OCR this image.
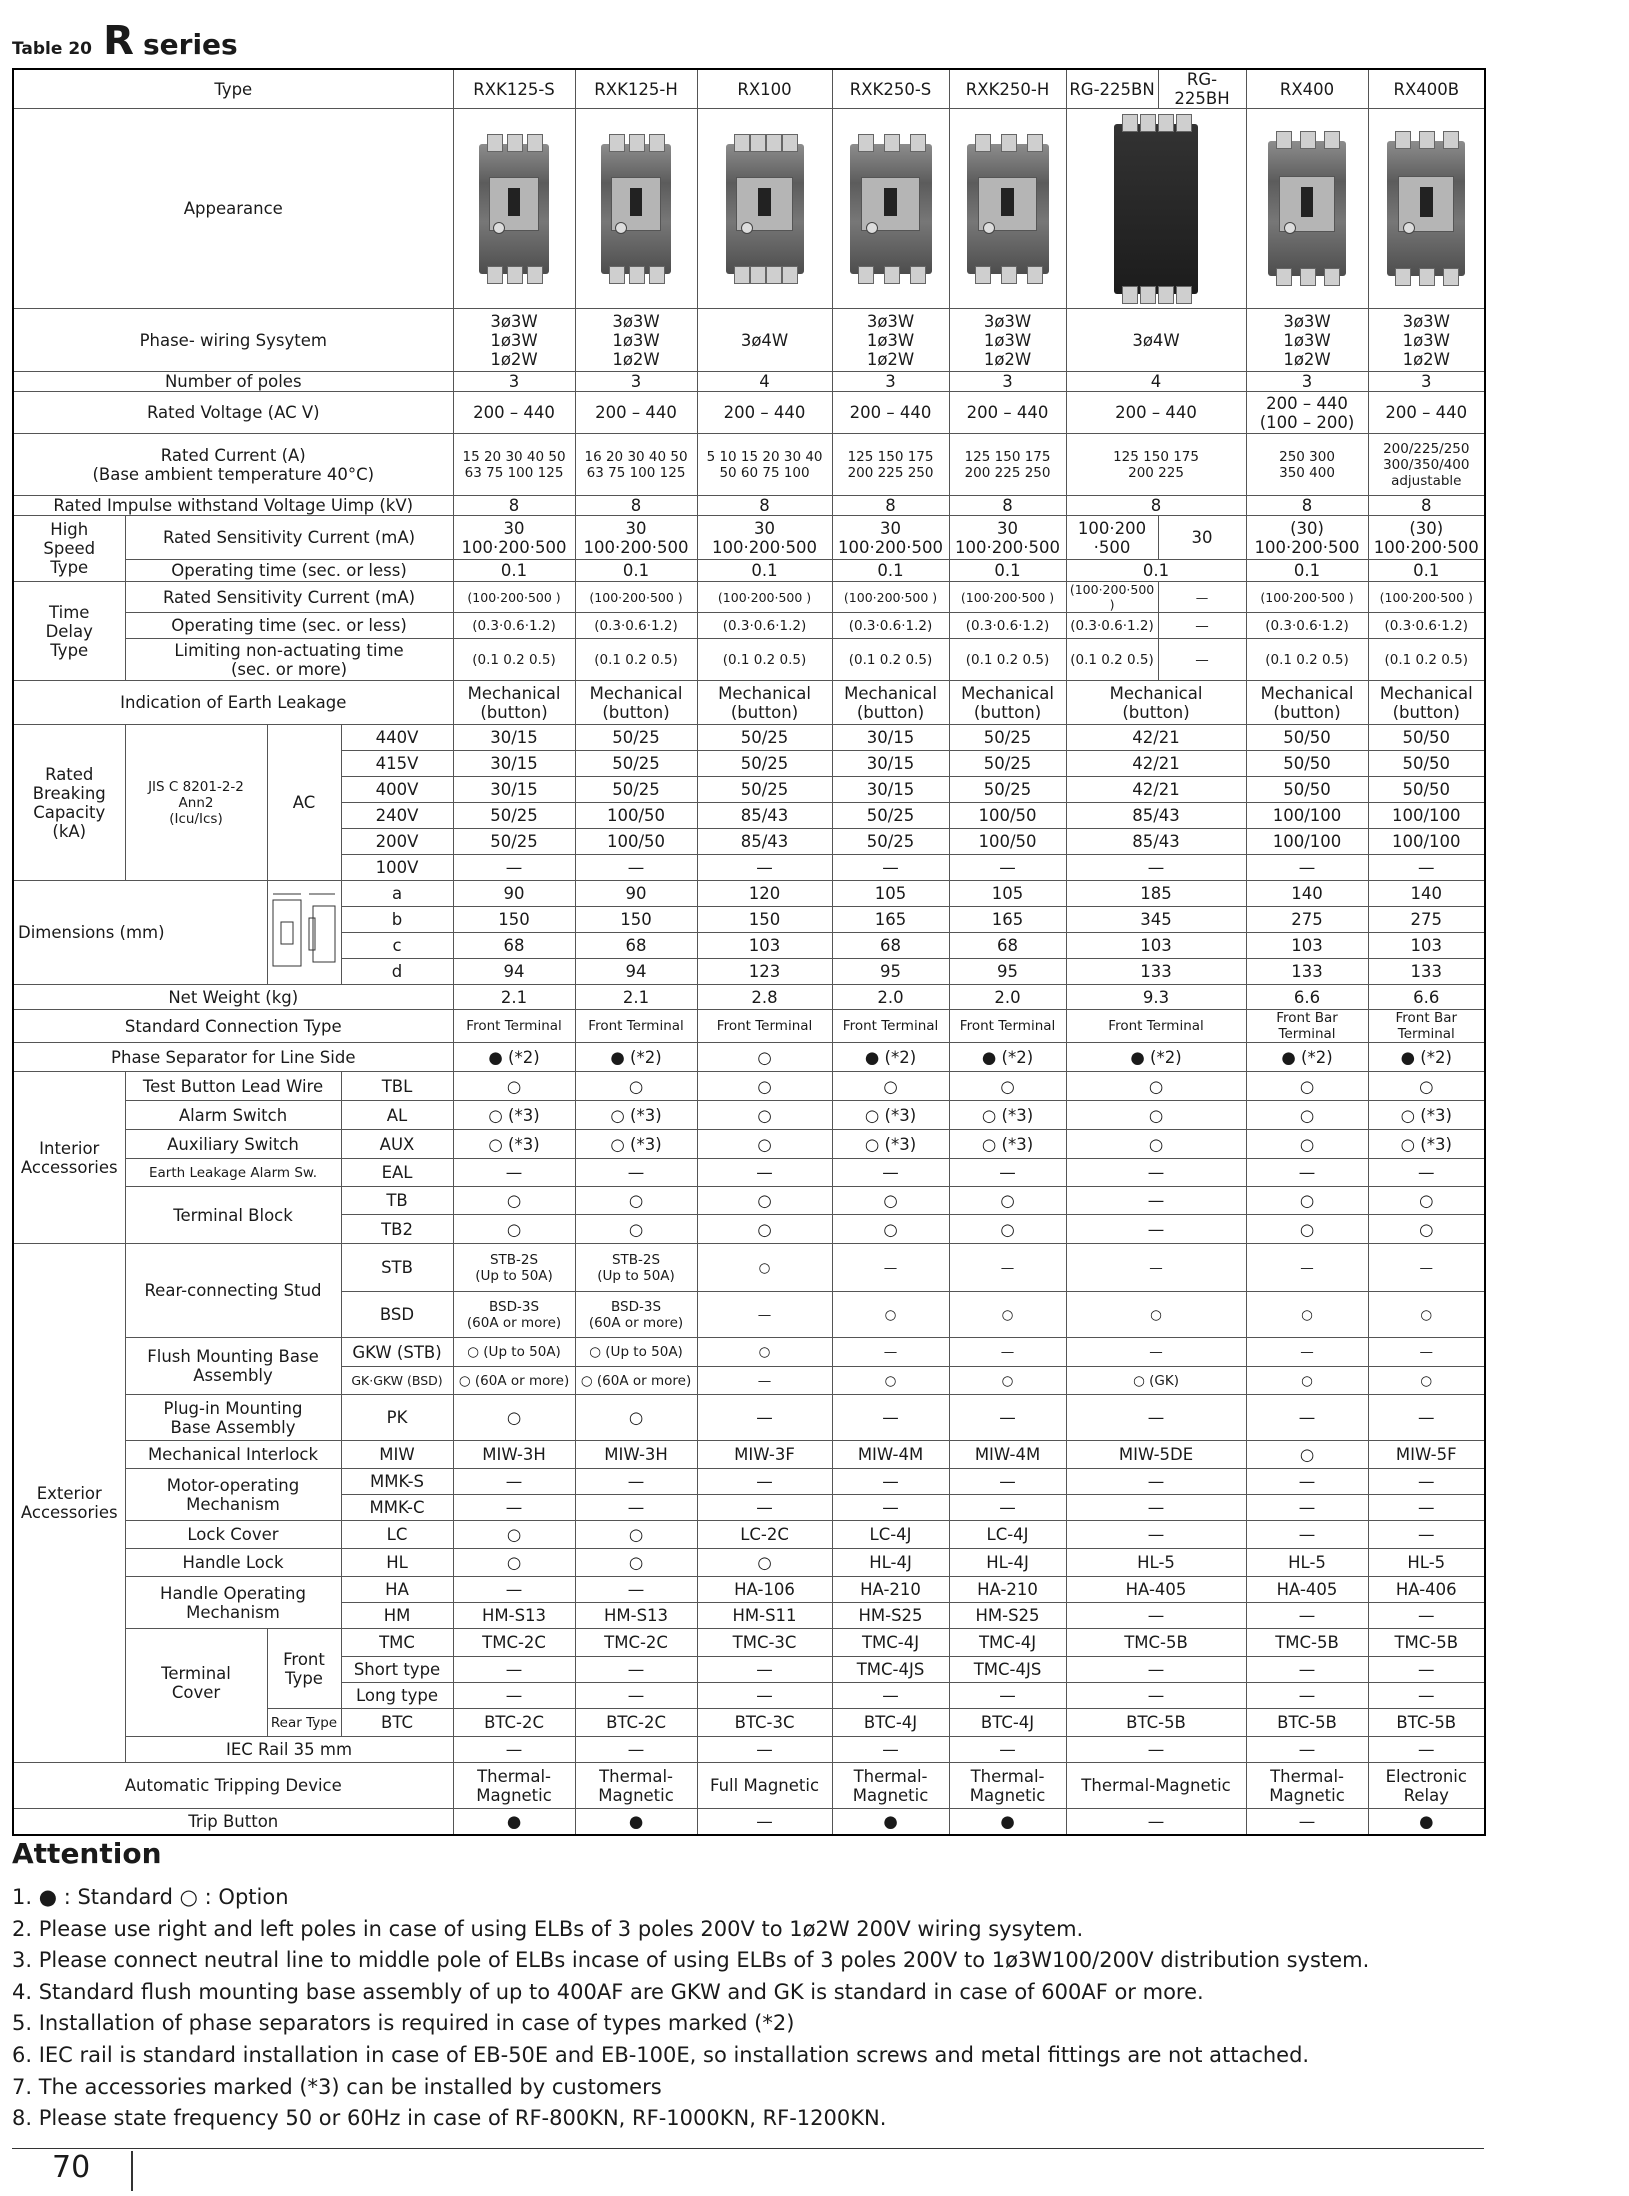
Table 20 R series
Type				RXK125-S	RXK125-H	RX100	RXK250-S	RXK250-H	RG-225BN	RG-225BH	RX400	RX400B
Appearance					

Phase- wiring Sysytem				3ø3W
1ø3W
1ø2W	3ø3W
1ø3W
1ø2W	3ø4W	3ø3W
1ø3W
1ø2W	3ø3W
1ø3W
1ø2W	3ø4W		3ø3W
1ø3W
1ø2W	3ø3W
1ø3W
1ø2W
Number of poles				3	3	4	3	3	4		3	3
Rated Voltage (AC V)				200 – 440	200 – 440	200 – 440	200 – 440	200 – 440	200 – 440		200 – 440
(100 – 200)	200 – 440
Rated Current (A)
(Base ambient temperature 40°C)				15 20 30 40 50
63 75 100 125	16 20 30 40 50
63 75 100 125	5 10 15 20 30 40
50 60 75 100	125 150 175
200 225 250	125 150 175
200 225 250	125 150 175
200 225		250 300
350 400	200/225/250
300/350/400
adjustable
Rated Impulse withstand Voltage Uimp (kV)				8	8	8	8	8	8		8	8
High
Speed
Type	Rated Sensitivity Current (mA)			30
100·200·500	30
100·200·500	30
100·200·500	30
100·200·500	30
100·200·500	100·200
·500	30	(30)
100·200·500	(30)
100·200·500
	Operating time (sec. or less)			0.1	0.1	0.1	0.1	0.1	0.1		0.1	0.1
Time
Delay
Type	Rated Sensitivity Current (mA)			(100·200·500 )	(100·200·500 )	(100·200·500 )	(100·200·500 )	(100·200·500 )	(100·200·500 )	—	(100·200·500 )	(100·200·500 )
	Operating time (sec. or less)			(0.3·0.6·1.2)	(0.3·0.6·1.2)	(0.3·0.6·1.2)	(0.3·0.6·1.2)	(0.3·0.6·1.2)	(0.3·0.6·1.2)	—	(0.3·0.6·1.2)	(0.3·0.6·1.2)
	Limiting non-actuating time
(sec. or more)			(0.1 0.2 0.5)	(0.1 0.2 0.5)	(0.1 0.2 0.5)	(0.1 0.2 0.5)	(0.1 0.2 0.5)	(0.1 0.2 0.5)	—	(0.1 0.2 0.5)	(0.1 0.2 0.5)
Indication of Earth Leakage				Mechanical
(button)	Mechanical
(button)	Mechanical
(button)	Mechanical
(button)	Mechanical
(button)	Mechanical
(button)		Mechanical
(button)	Mechanical
(button)
Rated
Breaking
Capacity (kA)	JIS C 8201-2-2
Ann2
(Icu/Ics)	AC	440V	30/15	50/25	50/25	30/15	50/25	42/21		50/50	50/50
			415V	30/15	50/25	50/25	30/15	50/25	42/21		50/50	50/50
			400V	30/15	50/25	50/25	30/15	50/25	42/21		50/50	50/50
			240V	50/25	100/50	85/43	50/25	100/50	85/43		100/100	100/100
			200V	50/25	100/50	85/43	50/25	100/50	85/43		100/100	100/100
			100V	—	—	—	—	—	—		—	—
Dimensions (mm)			a	90	90	120	105	105	185		140	140
			b	150	150	150	165	165	345		275	275
			c	68	68	103	68	68	103		103	103
			d	94	94	123	95	95	133		133	133
Net Weight (kg)				2.1	2.1	2.8	2.0	2.0	9.3		6.6	6.6
Standard Connection Type				Front Terminal	Front Terminal	Front Terminal	Front Terminal	Front Terminal	Front Terminal		Front Bar Terminal	Front Bar Terminal
Phase Separator for Line Side				● (*2)	● (*2)	○	● (*2)	● (*2)	● (*2)		● (*2)	● (*2)
Interior
Accessories	Test Button Lead Wire		TBL	○	○	○	○	○	○		○	○
	Alarm Switch		AL	○ (*3)	○ (*3)	○	○ (*3)	○ (*3)	○		○	○ (*3)
	Auxiliary Switch		AUX	○ (*3)	○ (*3)	○	○ (*3)	○ (*3)	○		○	○ (*3)
	Earth Leakage Alarm Sw.		EAL	—	—	—	—	—	—		—	—
	Terminal Block		TB	○	○	○	○	○	—		○	○
			TB2	○	○	○	○	○	—		○	○
Exterior
Accessories	Rear-connecting Stud		STB	STB-2S
(Up to 50A)	STB-2S
(Up to 50A)	○	—	—	—		—	—
			BSD	BSD-3S
(60A or more)	BSD-3S
(60A or more)	—	○	○	○		○	○
	Flush Mounting Base
Assembly		GKW (STB)	○ (Up to 50A)	○ (Up to 50A)	○	—	—	—		—	—
			GK·GKW (BSD)	○ (60A or more)	○ (60A or more)	—	○	○	○ (GK)		○	○
	Plug-in Mounting
Base Assembly		PK	○	○	—	—	—	—		—	—
	Mechanical Interlock		MIW	MIW-3H	MIW-3H	MIW-3F	MIW-4M	MIW-4M	MIW-5DE		○	MIW-5F
	Motor-operating
Mechanism		MMK-S	—	—	—	—	—	—		—	—
			MMK-C	—	—	—	—	—	—		—	—
	Lock Cover		LC	○	○	LC-2C	LC-4J	LC-4J	—		—	—
	Handle Lock		HL	○	○	○	HL-4J	HL-4J	HL-5		HL-5	HL-5
	Handle Operating
Mechanism		HA	—	—	HA-106	HA-210	HA-210	HA-405		HA-405	HA-406
			HM	HM-S13	HM-S13	HM-S11	HM-S25	HM-S25	—		—	—
	Terminal
Cover	Front
Type	TMC	TMC-2C	TMC-2C	TMC-3C	TMC-4J	TMC-4J	TMC-5B		TMC-5B	TMC-5B
			Short type	—	—	—	TMC-4JS	TMC-4JS	—		—	—
			Long type	—	—	—	—	—	—		—	—
		Rear Type	BTC	BTC-2C	BTC-2C	BTC-3C	BTC-4J	BTC-4J	BTC-5B		BTC-5B	BTC-5B
	IEC Rail 35 mm			—	—	—	—	—	—		—	—
Automatic Tripping Device				Thermal-
Magnetic	Thermal-
Magnetic	Full Magnetic	Thermal-
Magnetic	Thermal-
Magnetic	Thermal-Magnetic		Thermal-
Magnetic	Electronic
Relay
Trip Button				●	●	—	●	●	—		—	●
Attention
1. ● : Standard ○ : Option
2. Please use right and left poles in case of using ELBs of 3 poles 200V to 1ø2W 200V wiring sysytem.
3. Please connect neutral line to middle pole of ELBs incase of using ELBs of 3 poles 200V to 1ø3W100/200V distribution system.
4. Standard flush mounting base assembly of up to 400AF are GKW and GK is standard in case of 600AF or more.
5. Installation of phase separators is required in case of types marked (*2)
6. IEC rail is standard installation in case of EB-50E and EB-100E, so installation screws and metal fittings are not attached.
7. The accessories marked (*3) can be installed by customers
8. Please state frequency 50 or 60Hz in case of RF-800KN, RF-1000KN, RF-1200KN.
70
